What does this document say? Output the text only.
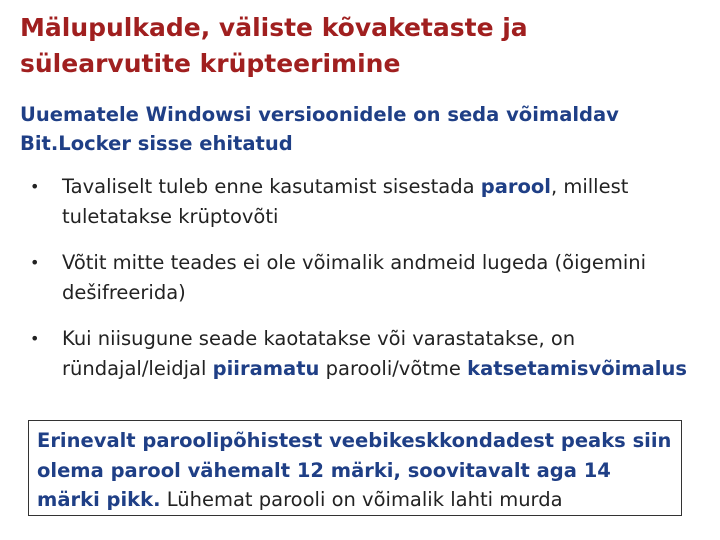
Mälupulkade, väliste kõvaketaste ja sülearvutite krüpteerimine

Uuematele Windowsi versioonidele on seda võimaldav Bit.Locker sisse ehitatud

• Tavaliselt tuleb enne kasutamist sisestada parool, millest tuletatakse krüptovõti
• Võtit mitte teades ei ole võimalik andmeid lugeda (õigemini dešifreerida)
• Kui niisugune seade kaotatakse või varastatakse, on ründajal/leidjal piiramatu parooli/võtme katsetamisvõimalus
Erinevalt paroolipõhistest veebikeskkondadest peaks siin olema parool vähemalt 12 märki, soovitavalt aga 14 märki pikk. Lühemat parooli on võimalik lahti murda
